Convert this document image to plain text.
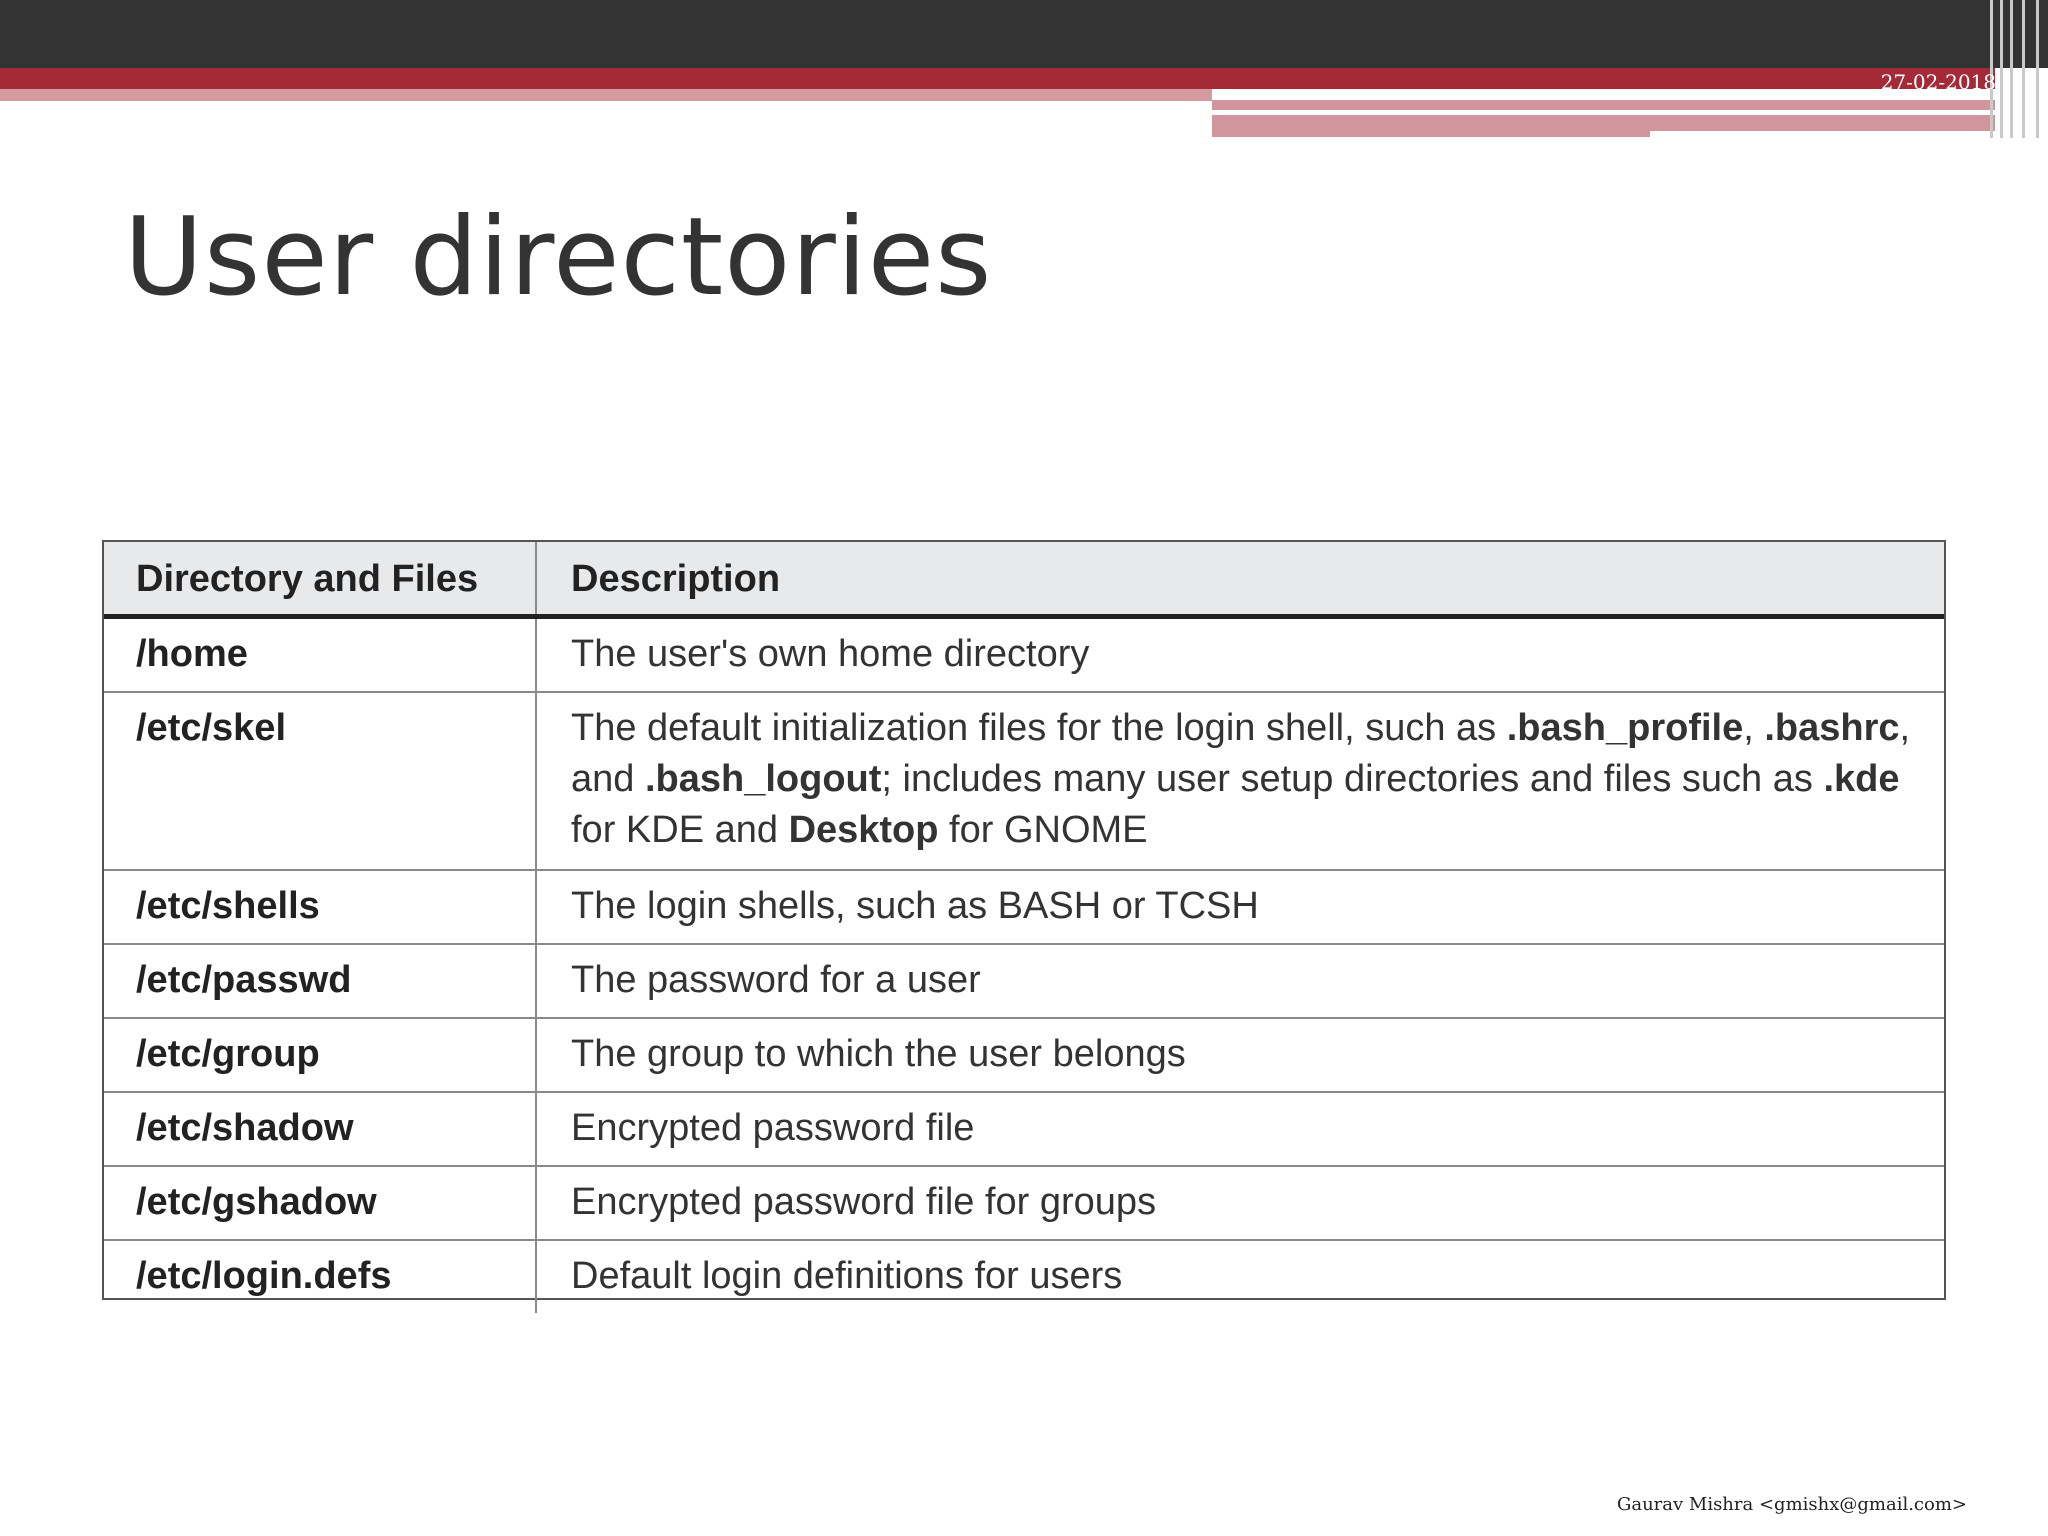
27-02-2018
User directories
Directory and Files	Description
/home	The user's own home directory
/etc/skel	The default initialization files for the login shell, such as .bash_profile, .bashrc, and .bash_logout; includes many user setup directories and files such as .kde for KDE and Desktop for GNOME
/etc/shells	The login shells, such as BASH or TCSH
/etc/passwd	The password for a user
/etc/group	The group to which the user belongs
/etc/shadow	Encrypted password file
/etc/gshadow	Encrypted password file for groups
/etc/login.defs	Default login definitions for users
Gaurav Mishra <gmishx@gmail.com>
